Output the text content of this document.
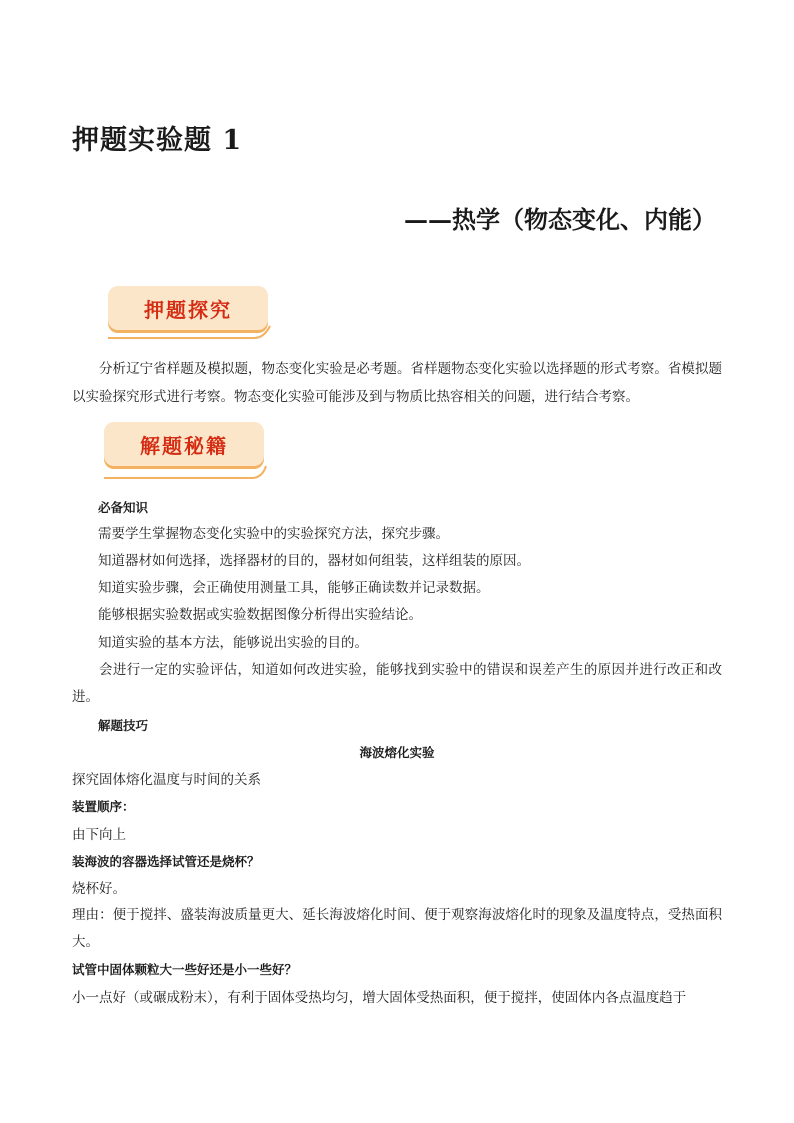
押题实验题 1
——热学（物态变化、内能）
押题探究
分析辽宁省样题及模拟题，物态变化实验是必考题。省样题物态变化实验以选择题的形式考察。省模拟题以实验探究形式进行考察。物态变化实验可能涉及到与物质比热容相关的问题，进行结合考察。
解题秘籍
必备知识
需要学生掌握物态变化实验中的实验探究方法，探究步骤。
知道器材如何选择，选择器材的目的，器材如何组装，这样组装的原因。
知道实验步骤，会正确使用测量工具，能够正确读数并记录数据。
能够根据实验数据或实验数据图像分析得出实验结论。
知道实验的基本方法，能够说出实验的目的。
会进行一定的实验评估，知道如何改进实验，能够找到实验中的错误和误差产生的原因并进行改正和改进。
解题技巧
海波熔化实验
探究固体熔化温度与时间的关系
装置顺序：
由下向上
装海波的容器选择试管还是烧杯？
烧杯好。
理由：便于搅拌、盛装海波质量更大、延长海波熔化时间、便于观察海波熔化时的现象及温度特点，受热面积大。
试管中固体颗粒大一些好还是小一些好？
小一点好（或碾成粉末），有利于固体受热均匀，增大固体受热面积，便于搅拌，使固体内各点温度趋于
